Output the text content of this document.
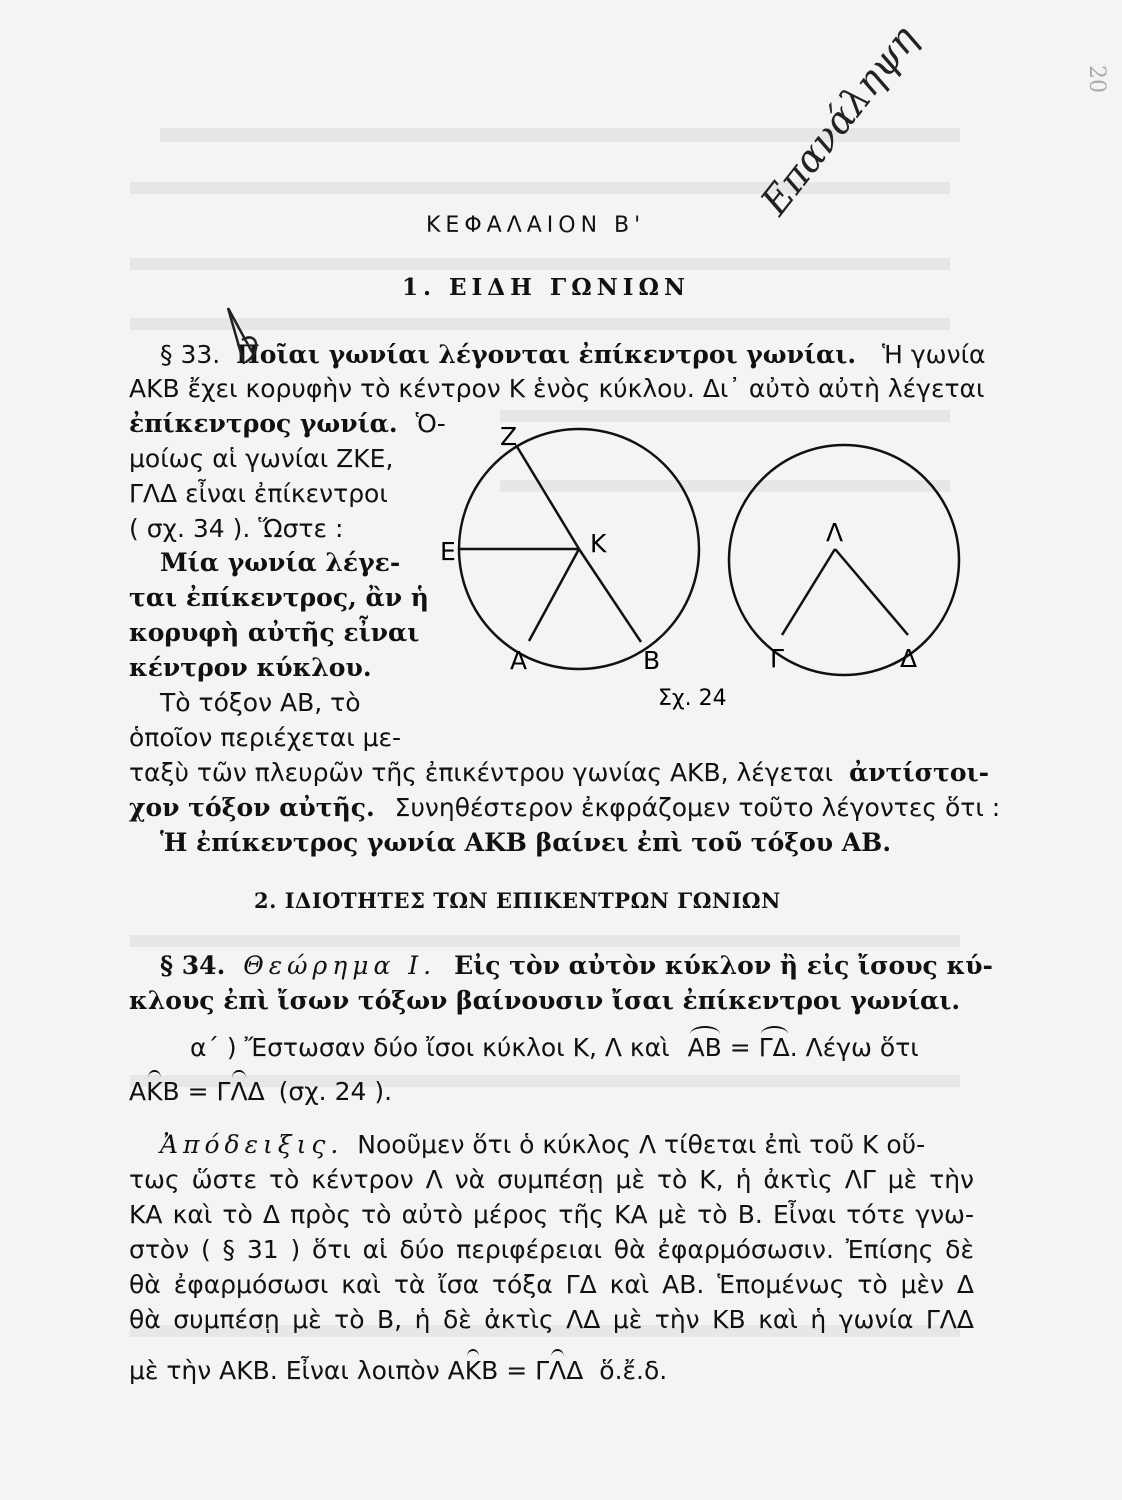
20
Επανάληψη
ΚΕΦΑΛΑΙΟΝ Β'
1. ΕΙΔΗ ΓΩΝΙΩΝ
§ 33. Ποῖαι γωνίαι λέγονται ἐπίκεντροι γωνίαι. Ἡ γωνία
ΑΚΒ ἔχει κορυφὴν τὸ κέντρον Κ ἑνὸς κύκλου. Δι᾽ αὐτὸ αὐτὴ λέγεται
ἐπίκεντρος γωνία. Ὁ-
μοίως αἱ γωνίαι ΖΚΕ,
ΓΛΔ εἶναι ἐπίκεντροι
( σχ. 34 ). Ὥστε :
Μία γωνία λέγε-
ται ἐπίκεντρος, ἂν ἡ
κορυφὴ αὐτῆς εἶναι
κέντρον κύκλου.
Τὸ τόξον ΑΒ, τὸ
ὁποῖον περιέχεται με-
ταξὺ τῶν πλευρῶν τῆς ἐπικέντρου γωνίας ΑΚΒ, λέγεται ἀντίστοι-
χον τόξον αὐτῆς. Συνηθέστερον ἐκφράζομεν τοῦτο λέγοντες ὅτι :
Ἡ ἐπίκεντρος γωνία ΑΚΒ βαίνει ἐπὶ τοῦ τόξου ΑΒ.
Ζ
Ε	Κ
Α	Β
Λ
Γ	Δ
Σχ. 24
2. ΙΔΙΟΤΗΤΕΣ ΤΩΝ ΕΠΙΚΕΝΤΡΩΝ ΓΩΝΙΩΝ
§ 34. Θεώρημα Ι. Εἰς τὸν αὐτὸν κύκλον ἢ εἰς ἴσους κύ-
κλους ἐπὶ ἴσων τόξων βαίνουσιν ἴσαι ἐπίκεντροι γωνίαι.
α΄ ) Ἔστωσαν δύο ἴσοι κύκλοι Κ, Λ καὶ ΑΒ = ΓΔ. Λέγω ὅτι
ΑΚΒ = ΓΛΔ (σχ. 24 ).
Ἀπόδειξις. Νοοῦμεν ὅτι ὁ κύκλος Λ τίθεται ἐπὶ τοῦ Κ οὕ-
τως ὥστε τὸ κέντρον Λ νὰ συμπέσῃ μὲ τὸ Κ, ἡ ἀκτὶς ΛΓ μὲ τὴν
ΚΑ καὶ τὸ Δ πρὸς τὸ αὐτὸ μέρος τῆς ΚΑ μὲ τὸ Β. Εἶναι τότε γνω-
στὸν ( § 31 ) ὅτι αἱ δύο περιφέρειαι θὰ ἐφαρμόσωσιν. Ἐπίσης δὲ
θὰ ἐφαρμόσωσι καὶ τὰ ἴσα τόξα ΓΔ καὶ ΑΒ. Ἑπομένως τὸ μὲν Δ
θὰ συμπέσῃ μὲ τὸ Β, ἡ δὲ ἀκτὶς ΛΔ μὲ τὴν ΚΒ καὶ ἡ γωνία ΓΛΔ
μὲ τὴν ΑΚΒ. Εἶναι λοιπὸν ΑΚΒ = ΓΛΔ ὅ.ἔ.δ.
